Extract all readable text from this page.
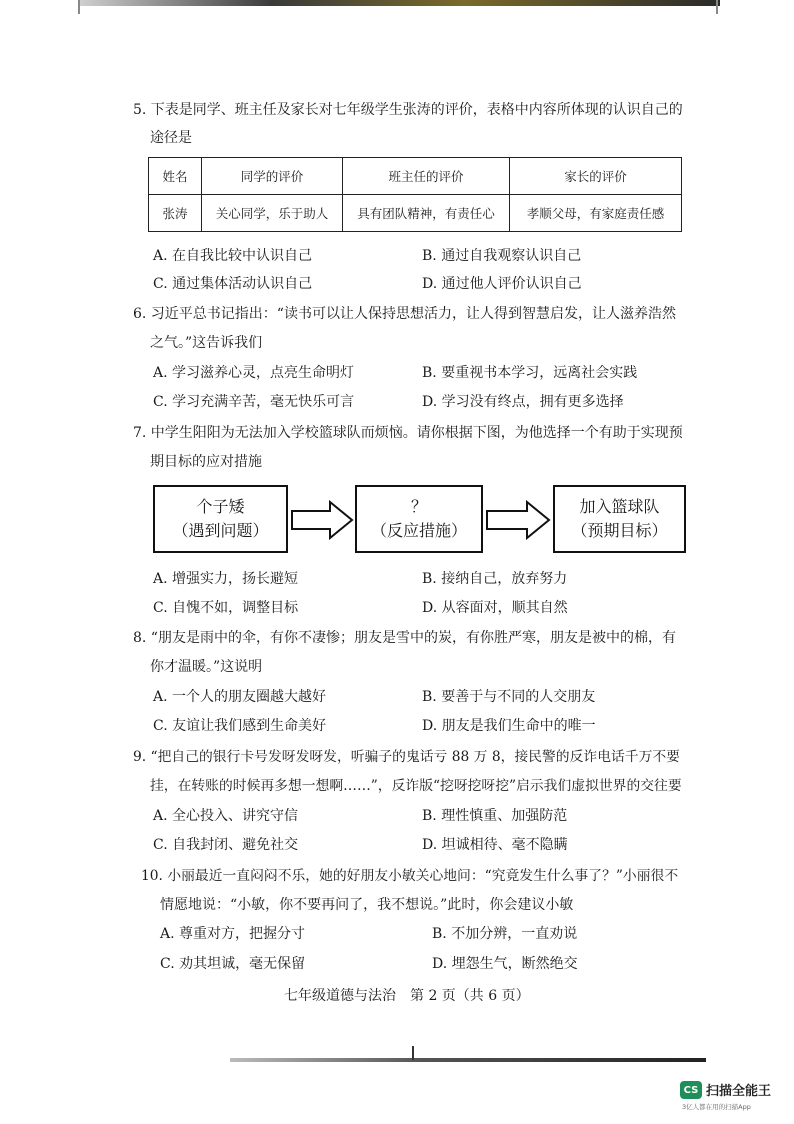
5. 下表是同学、班主任及家长对七年级学生张涛的评价，表格中内容所体现的认识自己的
途径是
姓名	同学的评价	班主任的评价	家长的评价
张涛	关心同学，乐于助人	具有团队精神，有责任心	孝顺父母，有家庭责任感
A. 在自我比较中认识自己	B. 通过自我观察认识自己
C. 通过集体活动认识自己	D. 通过他人评价认识自己
6. 习近平总书记指出：“读书可以让人保持思想活力，让人得到智慧启发，让人滋养浩然
之气。”这告诉我们
A. 学习滋养心灵，点亮生命明灯	B. 要重视书本学习，远离社会实践
C. 学习充满辛苦，毫无快乐可言	D. 学习没有终点，拥有更多选择
7. 中学生阳阳为无法加入学校篮球队而烦恼。请你根据下图，为他选择一个有助于实现预
期目标的应对措施
个子矮
（遇到问题）
？
（反应措施）
加入篮球队
（预期目标）
A. 增强实力，扬长避短	B. 接纳自己，放弃努力
C. 自愧不如，调整目标	D. 从容面对，顺其自然
8. “朋友是雨中的伞，有你不凄惨；朋友是雪中的炭，有你胜严寒，朋友是被中的棉，有
你才温暖。”这说明
A. 一个人的朋友圈越大越好	B. 要善于与不同的人交朋友
C. 友谊让我们感到生命美好	D. 朋友是我们生命中的唯一
9. “把自己的银行卡号发呀发呀发，听骗子的鬼话亏 88 万 8，接民警的反诈电话千万不要
挂，在转账的时候再多想一想啊……”，反诈版“挖呀挖呀挖”启示我们虚拟世界的交往要
A. 全心投入、讲究守信	B. 理性慎重、加强防范
C. 自我封闭、避免社交	D. 坦诚相待、毫不隐瞒
10. 小丽最近一直闷闷不乐，她的好朋友小敏关心地问：“究竟发生什么事了？”小丽很不
情愿地说：“小敏，你不要再问了，我不想说。”此时，你会建议小敏
A. 尊重对方，把握分寸	B. 不加分辨，一直劝说
C. 劝其坦诚，毫无保留	D. 埋怨生气，断然绝交
七年级道德与法治　第 2 页（共 6 页）
CS 扫描全能王
3亿人都在用的扫描App
